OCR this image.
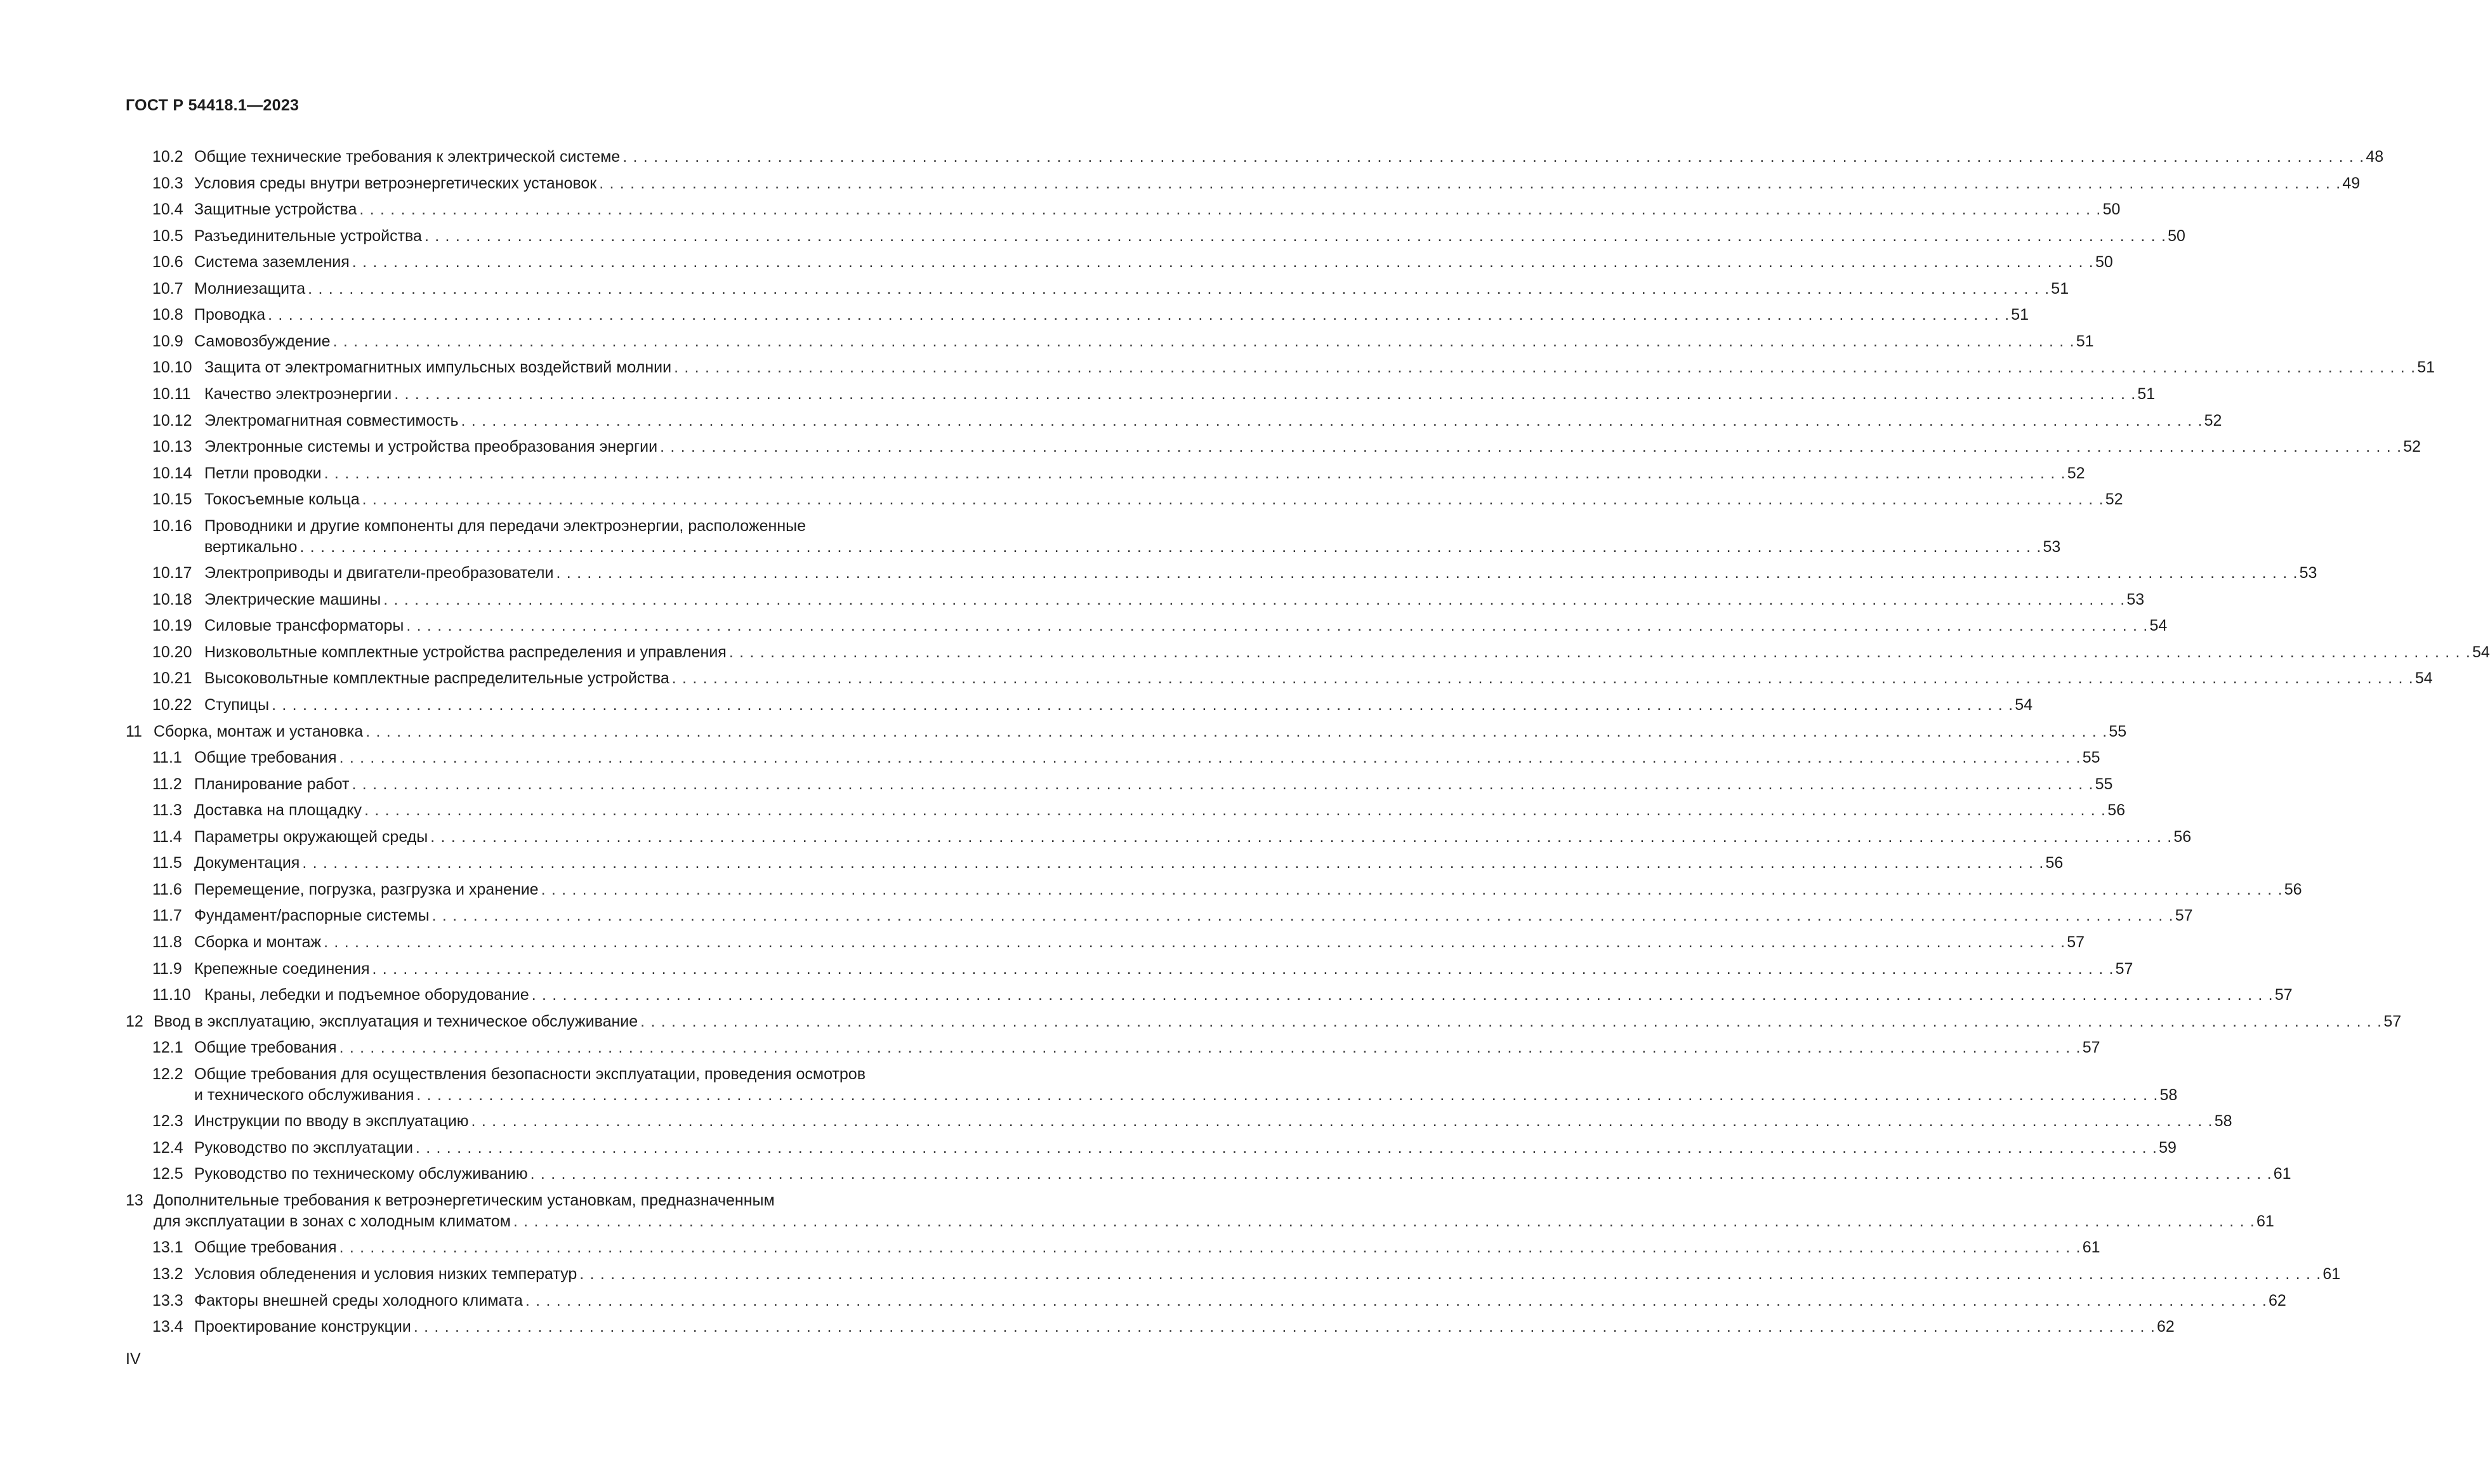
ГОСТ Р 54418.1—2023
10.2 Общие технические требования к электрической системе . . .	48
10.3 Условия среды внутри ветроэнергетических установок . . .	49
10.4 Защитные устройства . . .	50
10.5 Разъединительные устройства . . .	50
10.6 Система заземления . . .	50
10.7 Молниезащита . . .	51
10.8 Проводка . . .	51
10.9 Самовозбуждение . . .	51
10.10 Защита от электромагнитных импульсных воздействий молнии . . .	51
10.11 Качество электроэнергии . . .	51
10.12 Электромагнитная совместимость . . .	52
10.13 Электронные системы и устройства преобразования энергии . . .	52
10.14 Петли проводки . . .	52
10.15 Токосъемные кольца . . .	52
10.16 Проводники и другие компоненты для передачи электроэнергии, расположенные
вертикально . . .	53
10.17 Электроприводы и двигатели-преобразователи . . .	53
10.18 Электрические машины . . .	53
10.19 Силовые трансформаторы . . .	54
10.20 Низковольтные комплектные устройства распределения и управления . . .	54
10.21 Высоковольтные комплектные распределительные устройства . . .	54
10.22 Ступицы . . .	54
11 Сборка, монтаж и установка . . .	55
11.1 Общие требования . . .	55
11.2 Планирование работ . . .	55
11.3 Доставка на площадку . . .	56
11.4 Параметры окружающей среды . . .	56
11.5 Документация . . .	56
11.6 Перемещение, погрузка, разгрузка и хранение . . .	56
11.7 Фундамент/распорные системы . . .	57
11.8 Сборка и монтаж . . .	57
11.9 Крепежные соединения . . .	57
11.10 Краны, лебедки и подъемное оборудование . . .	57
12 Ввод в эксплуатацию, эксплуатация и техническое обслуживание . . .	57
12.1 Общие требования . . .	57
12.2 Общие требования для осуществления безопасности эксплуатации, проведения осмотров
и технического обслуживания . . .	58
12.3 Инструкции по вводу в эксплуатацию . . .	58
12.4 Руководство по эксплуатации . . .	59
12.5 Руководство по техническому обслуживанию . . .	61
13 Дополнительные требования к ветроэнергетическим установкам, предназначенным
для эксплуатации в зонах с холодным климатом . . .	61
13.1 Общие требования . . .	61
13.2 Условия обледенения и условия низких температур . . .	61
13.3 Факторы внешней среды холодного климата . . .	62
13.4 Проектирование конструкции . . .	62
IV
